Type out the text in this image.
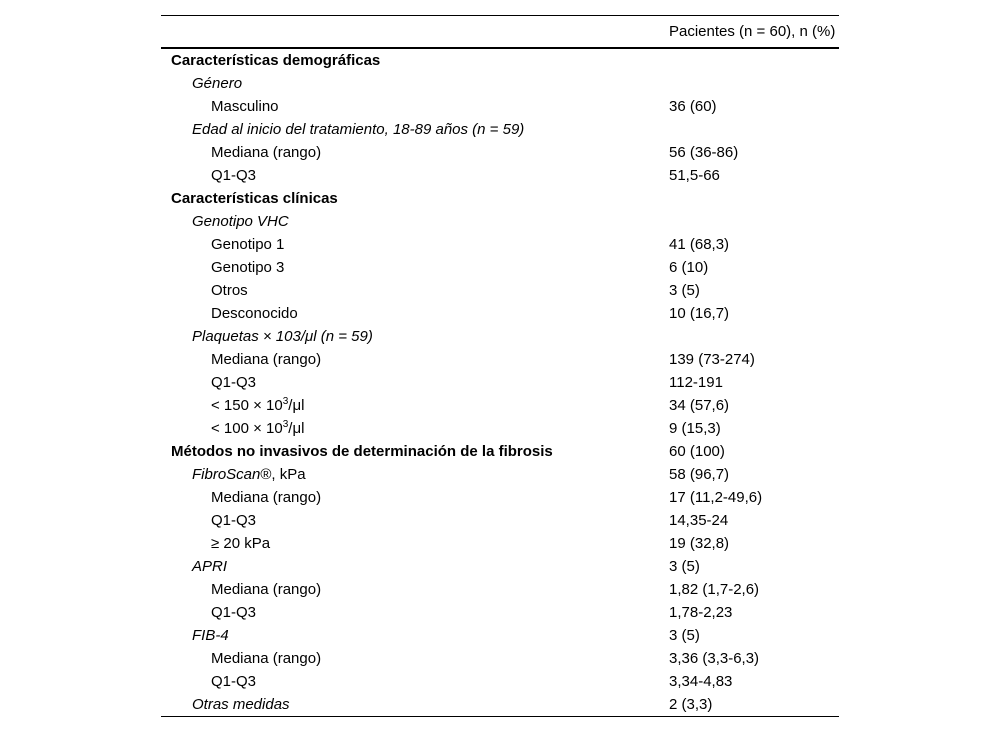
	Pacientes (n = 60), n (%)
Características demográficas	
Género	
Masculino	36 (60)
Edad al inicio del tratamiento, 18-89 años (n = 59)	
Mediana (rango)	56 (36-86)
Q1-Q3	51,5-66
Características clínicas	
Genotipo VHC	
Genotipo 1	41 (68,3)
Genotipo 3	6 (10)
Otros	3 (5)
Desconocido	10 (16,7)
Plaquetas × 103/μl (n = 59)	
Mediana (rango)	139 (73-274)
Q1-Q3	112-191
< $150 \times 10^3/\mu l$	34 (57,6)
< $100 \times 10^3/\mu l$	9 (15,3)
Métodos no invasivos de determinación de la fibrosis	60 (100)
FibroScan®, kPa	58 (96,7)
Mediana (rango)	17 (11,2-49,6)
Q1-Q3	14,35-24
≥ 20 kPa	19 (32,8)
APRI	3 (5)
Mediana (rango)	1,82 (1,7-2,6)
Q1-Q3	1,78-2,23
FIB-4	3 (5)
Mediana (rango)	3,36 (3,3-6,3)
Q1-Q3	3,34-4,83
Otras medidas	2 (3,3)
